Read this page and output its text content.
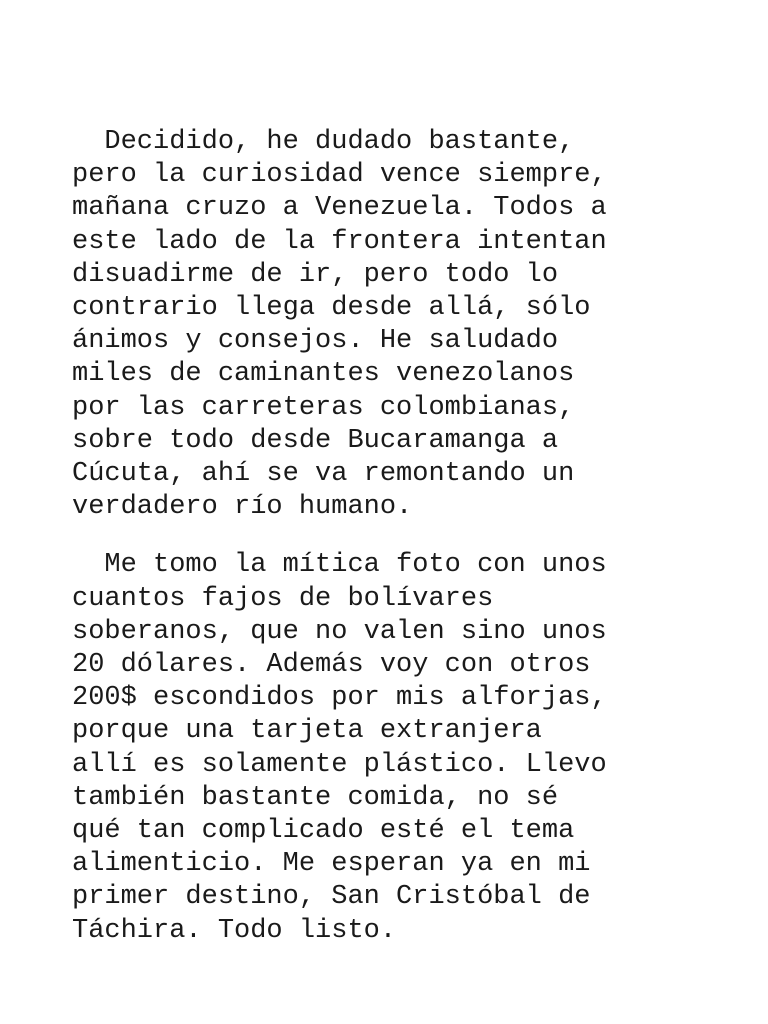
Decidido, he dudado bastante,
pero la curiosidad vence siempre,
mañana cruzo a Venezuela. Todos a
este lado de la frontera intentan
disuadirme de ir, pero todo lo
contrario llega desde allá, sólo
ánimos y consejos. He saludado
miles de caminantes venezolanos
por las carreteras colombianas,
sobre todo desde Bucaramanga a
Cúcuta, ahí se va remontando un
verdadero río humano.

Me tomo la mítica foto con unos
cuantos fajos de bolívares
soberanos, que no valen sino unos
20 dólares. Además voy con otros
200$ escondidos por mis alforjas,
porque una tarjeta extranjera
allí es solamente plástico. Llevo
también bastante comida, no sé
qué tan complicado esté el tema
alimenticio. Me esperan ya en mi
primer destino, San Cristóbal de
Táchira. Todo listo.
